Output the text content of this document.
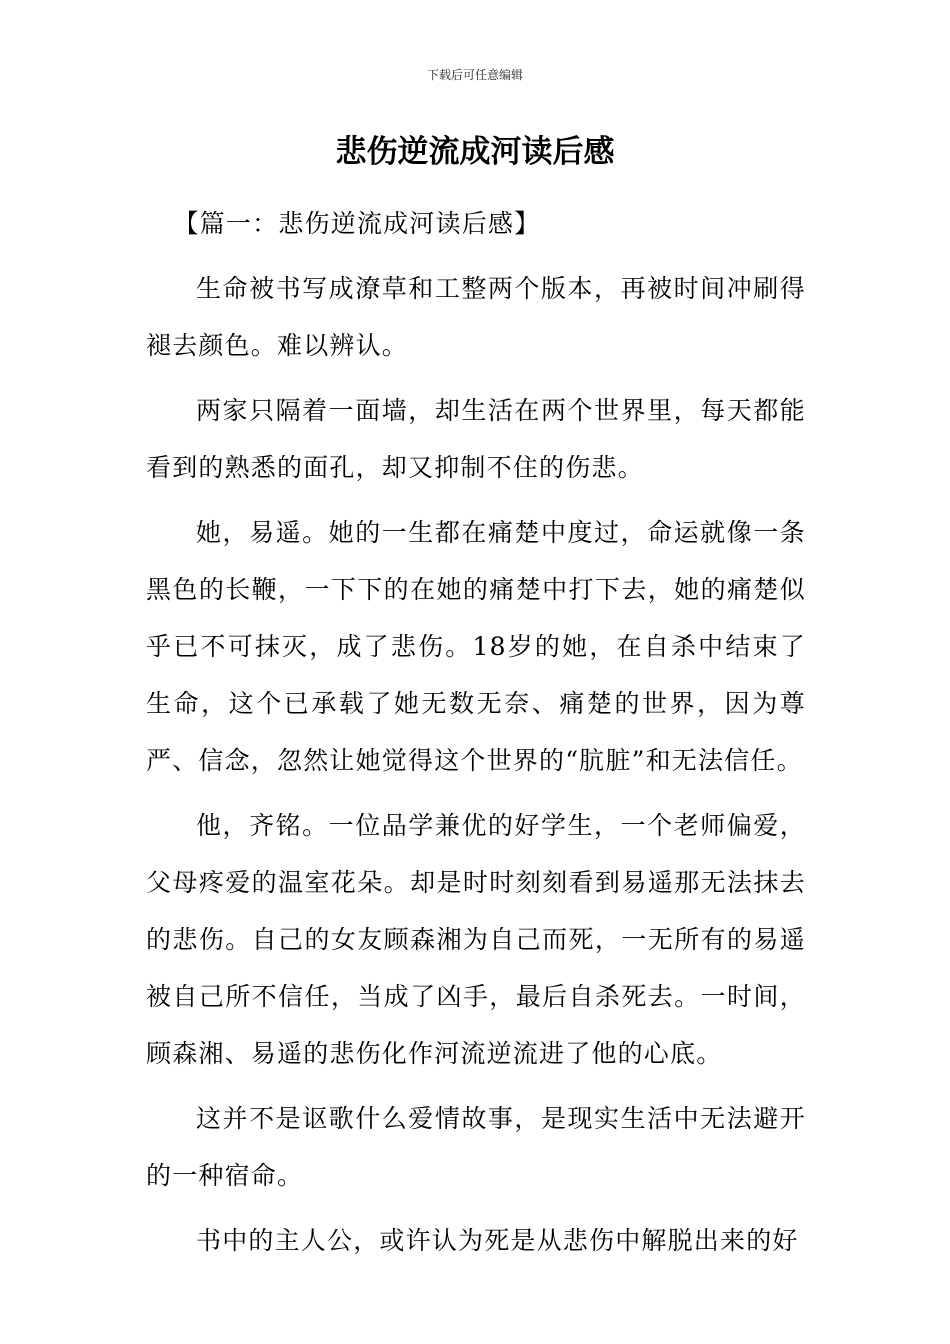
下载后可任意编辑
悲伤逆流成河读后感

【篇一：悲伤逆流成河读后感】

生命被书写成潦草和工整两个版本，再被时间冲刷得褪去颜色。难以辨认。

两家只隔着一面墙，却生活在两个世界里，每天都能看到的熟悉的面孔，却又抑制不住的伤悲。

她，易遥。她的一生都在痛楚中度过，命运就像一条黑色的长鞭，一下下的在她的痛楚中打下去，她的痛楚似乎已不可抹灭，成了悲伤。18岁的她，在自杀中结束了生命，这个已承载了她无数无奈、痛楚的世界，因为尊严、信念，忽然让她觉得这个世界的“肮脏”和无法信任。

他，齐铭。一位品学兼优的好学生，一个老师偏爱，父母疼爱的温室花朵。却是时时刻刻看到易遥那无法抹去的悲伤。自己的女友顾森湘为自己而死，一无所有的易遥被自己所不信任，当成了凶手，最后自杀死去。一时间，顾森湘、易遥的悲伤化作河流逆流进了他的心底。

这并不是讴歌什么爱情故事，是现实生活中无法避开的一种宿命。

书中的主人公，或许认为死是从悲伤中解脱出来的好
